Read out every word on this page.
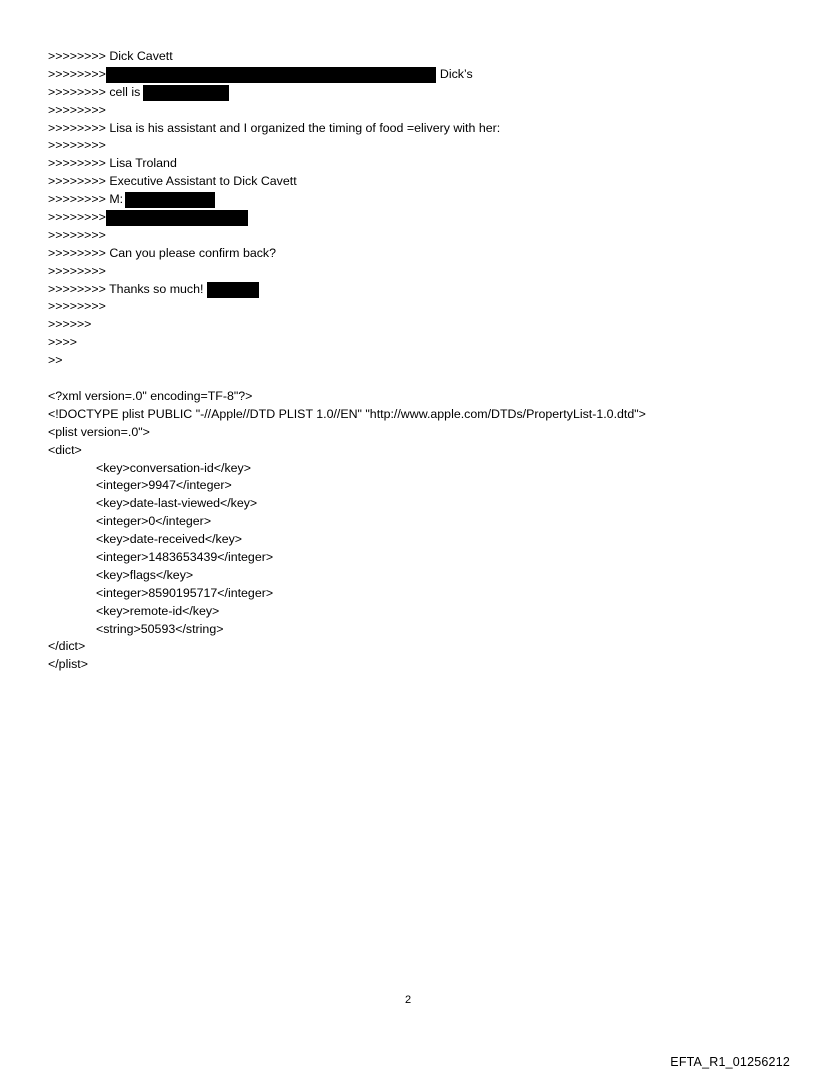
>>>>>>>> Dick Cavett
>>>>>>>>	Dick’s
>>>>>>>> cell is
>>>>>>>>
>>>>>>>> Lisa is his assistant and I organized the timing of food =elivery with her:
>>>>>>>>
>>>>>>>> Lisa Troland
>>>>>>>> Executive Assistant to Dick Cavett
>>>>>>>> M:
>>>>>>>>
>>>>>>>>
>>>>>>>> Can you please confirm back?
>>>>>>>>
>>>>>>>> Thanks so much!
>>>>>>>>
>>>>>>
>>>>
>>
<?xml version=.0" encoding=TF-8"?>
<!DOCTYPE plist PUBLIC "-//Apple//DTD PLIST 1.0//EN" "http://www.apple.com/DTDs/PropertyList-1.0.dtd">
<plist version=.0">
<dict>
<key>conversation-id</key>
<integer>9947</integer>
<key>date-last-viewed</key>
<integer>0</integer>
<key>date-received</key>
<integer>1483653439</integer>
<key>flags</key>
<integer>8590195717</integer>
<key>remote-id</key>
<string>50593</string>
</dict>
</plist>
2
EFTA_R1_01256212
